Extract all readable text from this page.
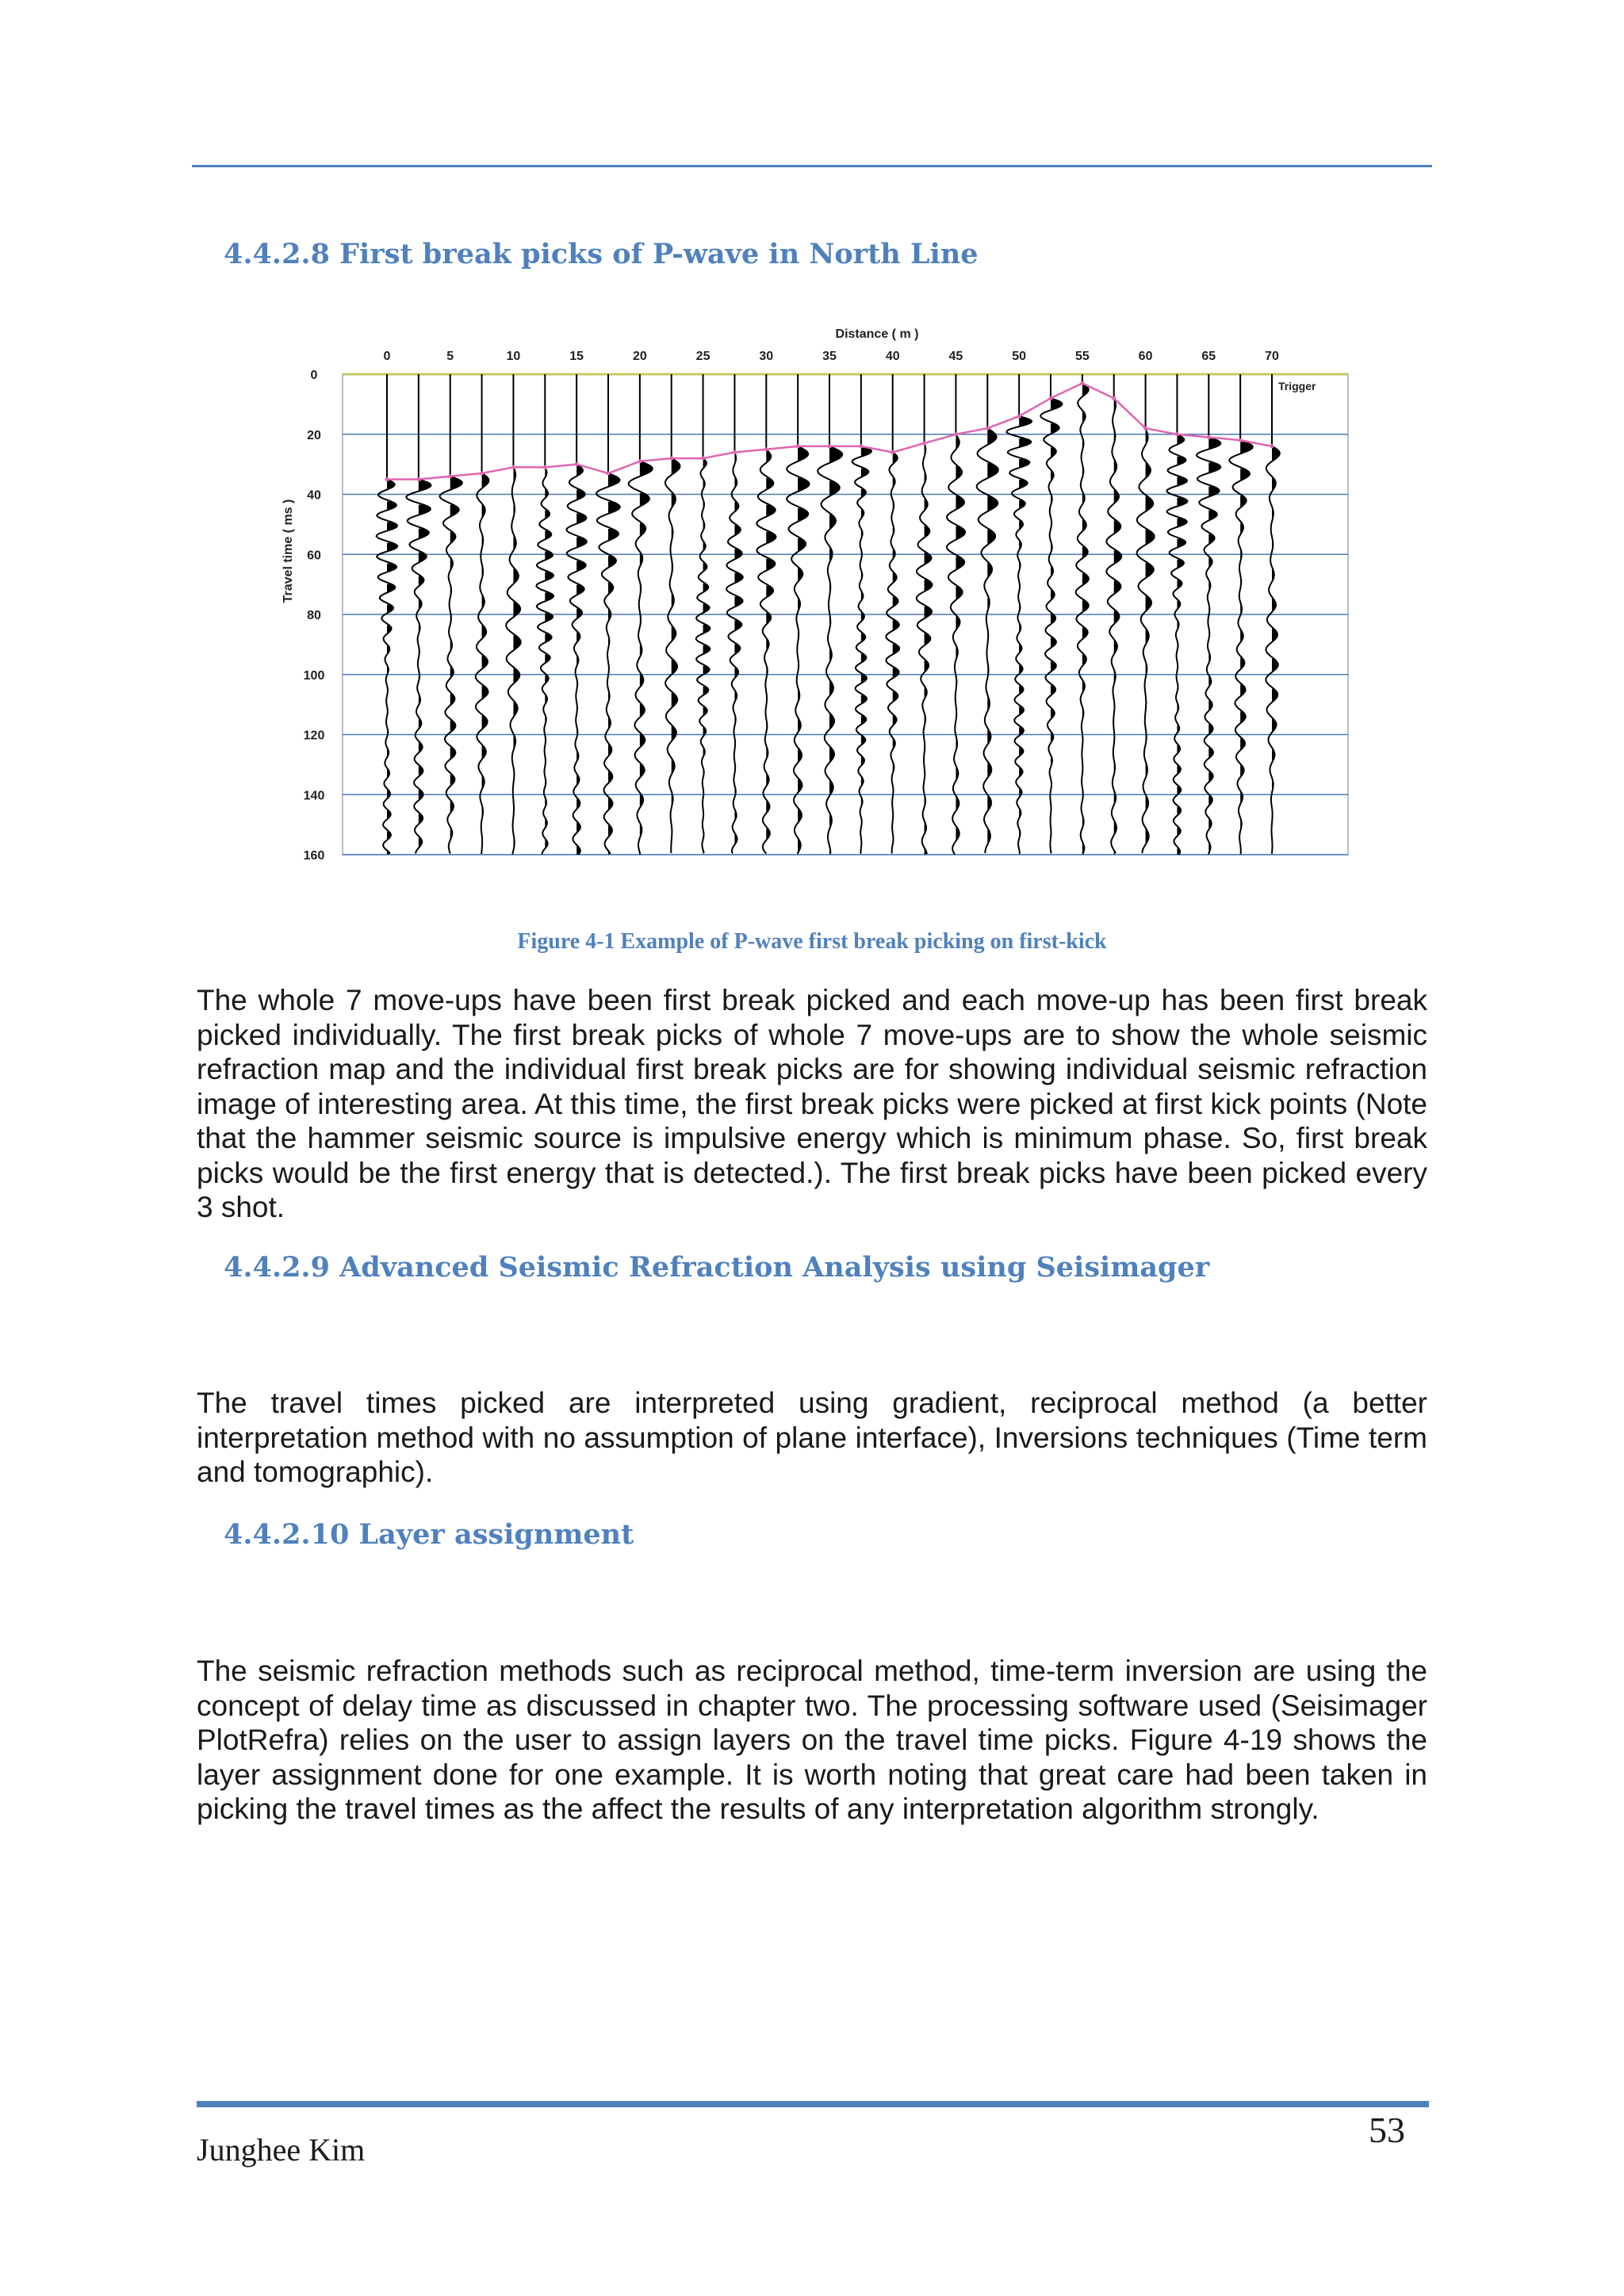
4.4.2.8 First break picks of P-wave in North Line
0
20
40
60
80
100
120
140
160
0	5	10	15	20	25	30	35	40	45	50	55	60	65	70
Distance ( m )
Travel time ( ms )
Trigger
Figure 4-1 Example of P-wave first break picking on first-kick

The whole 7 move-ups have been first break picked and each move-up has been first break picked individually. The first break picks of whole 7 move-ups are to show the whole seismic refraction map and the individual first break picks are for showing individual seismic refraction image of interesting area. At this time, the first break picks were picked at first kick points (Note that the hammer seismic source is impulsive energy which is minimum phase. So, first break picks would be the first energy that is detected.). The first break picks have been picked every 3 shot.

4.4.2.9 Advanced Seismic Refraction Analysis using Seisimager

The travel times picked are interpreted using gradient, reciprocal method (a better interpretation method with no assumption of plane interface), Inversions techniques (Time term and tomographic).

4.4.2.10 Layer assignment

The seismic refraction methods such as reciprocal method, time-term inversion are using the concept of delay time as discussed in chapter two. The processing software used (Seisimager PlotRefra) relies on the user to assign layers on the travel time picks. Figure 4-19 shows the layer assignment done for one example. It is worth noting that great care had been taken in picking the travel times as the affect the results of any interpretation algorithm strongly.

Junghee Kim	53
